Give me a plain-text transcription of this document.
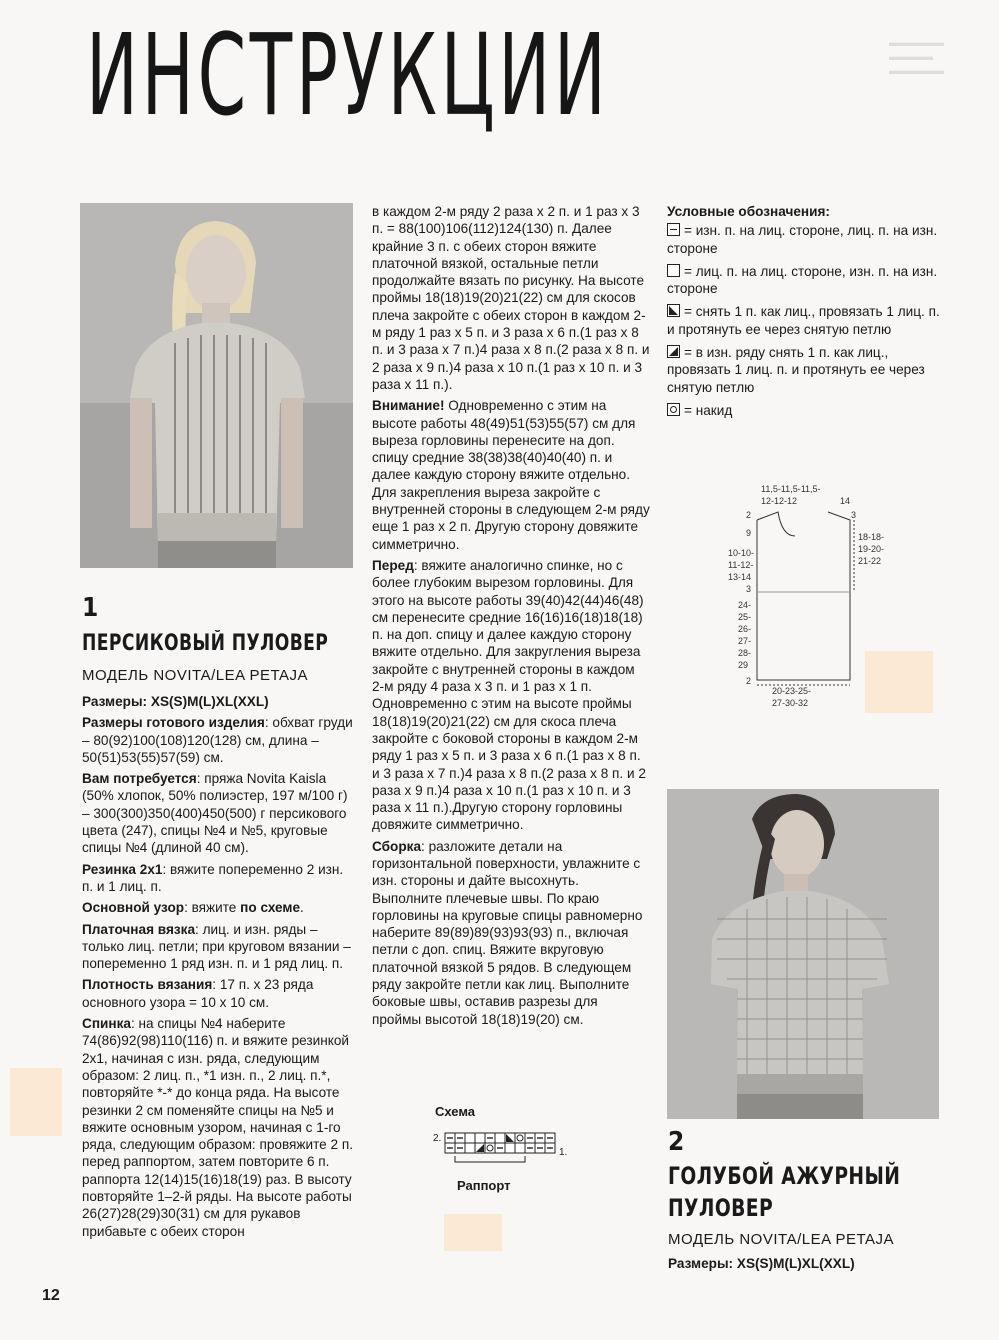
ИНСТРУКЦИИ	▬▬▬▬▬
▬▬▬▬
▬▬▬▬▬
1
ПЕРСИКОВЫЙ ПУЛОВЕР
МОДЕЛЬ NOVITA/LEA PETAJA

Размеры: XS(S)M(L)XL(XXL)

Размеры готового изделия: обхват груди – 80(92)100(108)120(128) см, длина – 50(51)53(55)57(59) см.

Вам потребуется: пряжа Novita Kaisla (50% хлопок, 50% полиэстер, 197 м/100 г) – 300(300)350(400)450(500) г персикового цвета (247), спицы №4 и №5, круговые спицы №4 (длиной 40 см).

Резинка 2х1: вяжите попеременно 2 изн. п. и 1 лиц. п.

Основной узор: вяжите по схеме.

Платочная вязка: лиц. и изн. ряды – только лиц. петли; при круговом вязании – попеременно 1 ряд изн. п. и 1 ряд лиц. п.

Плотность вязания: 17 п. х 23 ряда основного узора = 10 х 10 см.

Спинка: на спицы №4 наберите 74(86)92(98)110(116) п. и вяжите резинкой 2х1, начиная с изн. ряда, следующим образом: 2 лиц. п., *1 изн. п., 2 лиц. п.*, повторяйте *-* до конца ряда. На высоте резинки 2 см поменяйте спицы на №5 и вяжите основным узором, начиная с 1-го ряда, следующим образом: провяжите 2 п. перед раппортом, затем повторите 6 п. раппорта 12(14)15(16)18(19) раз. В высоту повторяйте 1–2-й ряды. На высоте работы 26(27)28(29)30(31) см для рукавов прибавьте с обеих сторон

12

в каждом 2-м ряду 2 раза х 2 п. и 1 раз х 3 п. = 88(100)106(112)124(130) п. Далее крайние 3 п. с обеих сторон вяжите платочной вязкой, остальные петли продолжайте вязать по рисунку. На высоте проймы 18(18)19(20)21(22) см для скосов плеча закройте с обеих сторон в каждом 2-м ряду 1 раз х 5 п. и 3 раза х 6 п.(1 раз х 8 п. и 3 раза х 7 п.)4 раза х 8 п.(2 раза х 8 п. и 2 раза х 9 п.)4 раза х 10 п.(1 раз х 10 п. и 3 раза х 11 п.).

Внимание! Одновременно с этим на высоте работы 48(49)51(53)55(57) см для выреза горловины перенесите на доп. спицу средние 38(38)38(40)40(40) п. и далее каждую сторону вяжите отдельно. Для закрепления выреза закройте с внутренней стороны в следующем 2-м ряду еще 1 раз х 2 п. Другую сторону довяжите симметрично.

Перед: вяжите аналогично спинке, но с более глубоким вырезом горловины. Для этого на высоте работы 39(40)42(44)46(48) см перенесите средние 16(16)16(18)18(18) п. на доп. спицу и далее каждую сторону вяжите отдельно. Для закругления выреза закройте с внутренней стороны в каждом 2-м ряду 4 раза х 3 п. и 1 раз х 1 п. Одновременно с этим на высоте проймы 18(18)19(20)21(22) см для скоса плеча закройте с боковой стороны в каждом 2-м ряду 1 раз х 5 п. и 3 раза х 6 п.(1 раз х 8 п. и 3 раза х 7 п.)4 раза х 8 п.(2 раза х 8 п. и 2 раза х 9 п.)4 раза х 10 п.(1 раз х 10 п. и 3 раза х 11 п.).Другую сторону горловины довяжите симметрично.

Сборка: разложите детали на горизонтальной поверхности, увлажните с изн. стороны и дайте высохнуть. Выполните плечевые швы. По краю горловины на круговые спицы равномерно наберите 89(89)89(93)93(93) п., включая петли с доп. спиц. Вяжите вкруговую платочной вязкой 5 рядов. В следующем ряду закройте петли как лиц. Выполните боковые швы, оставив разрезы для проймы высотой 18(18)19(20) см.

Схема
2.
1.
Раппорт
Условные обозначения:
= изн. п. на лиц. стороне, лиц. п. на изн. стороне
= лиц. п. на лиц. стороне, изн. п. на изн. стороне
= снять 1 п. как лиц., провязать 1 лиц. п. и протянуть ее через снятую петлю
= в изн. ряду снять 1 п. как лиц., провязать 1 лиц. п. и протянуть ее через снятую петлю
= накид
11,5-11,5-11,5-
12-12-12	14
2	3
9
10-10-
11-12-
13-14
18-18-
19-20-
21-22
3
24-
25-
26-
27-
28-
29
2
20-23-25-
27-30-32
2
ГОЛУБОЙ АЖУРНЫЙ
ПУЛОВЕР
МОДЕЛЬ NOVITA/LEA PETAJA
Размеры: XS(S)M(L)XL(XXL)
